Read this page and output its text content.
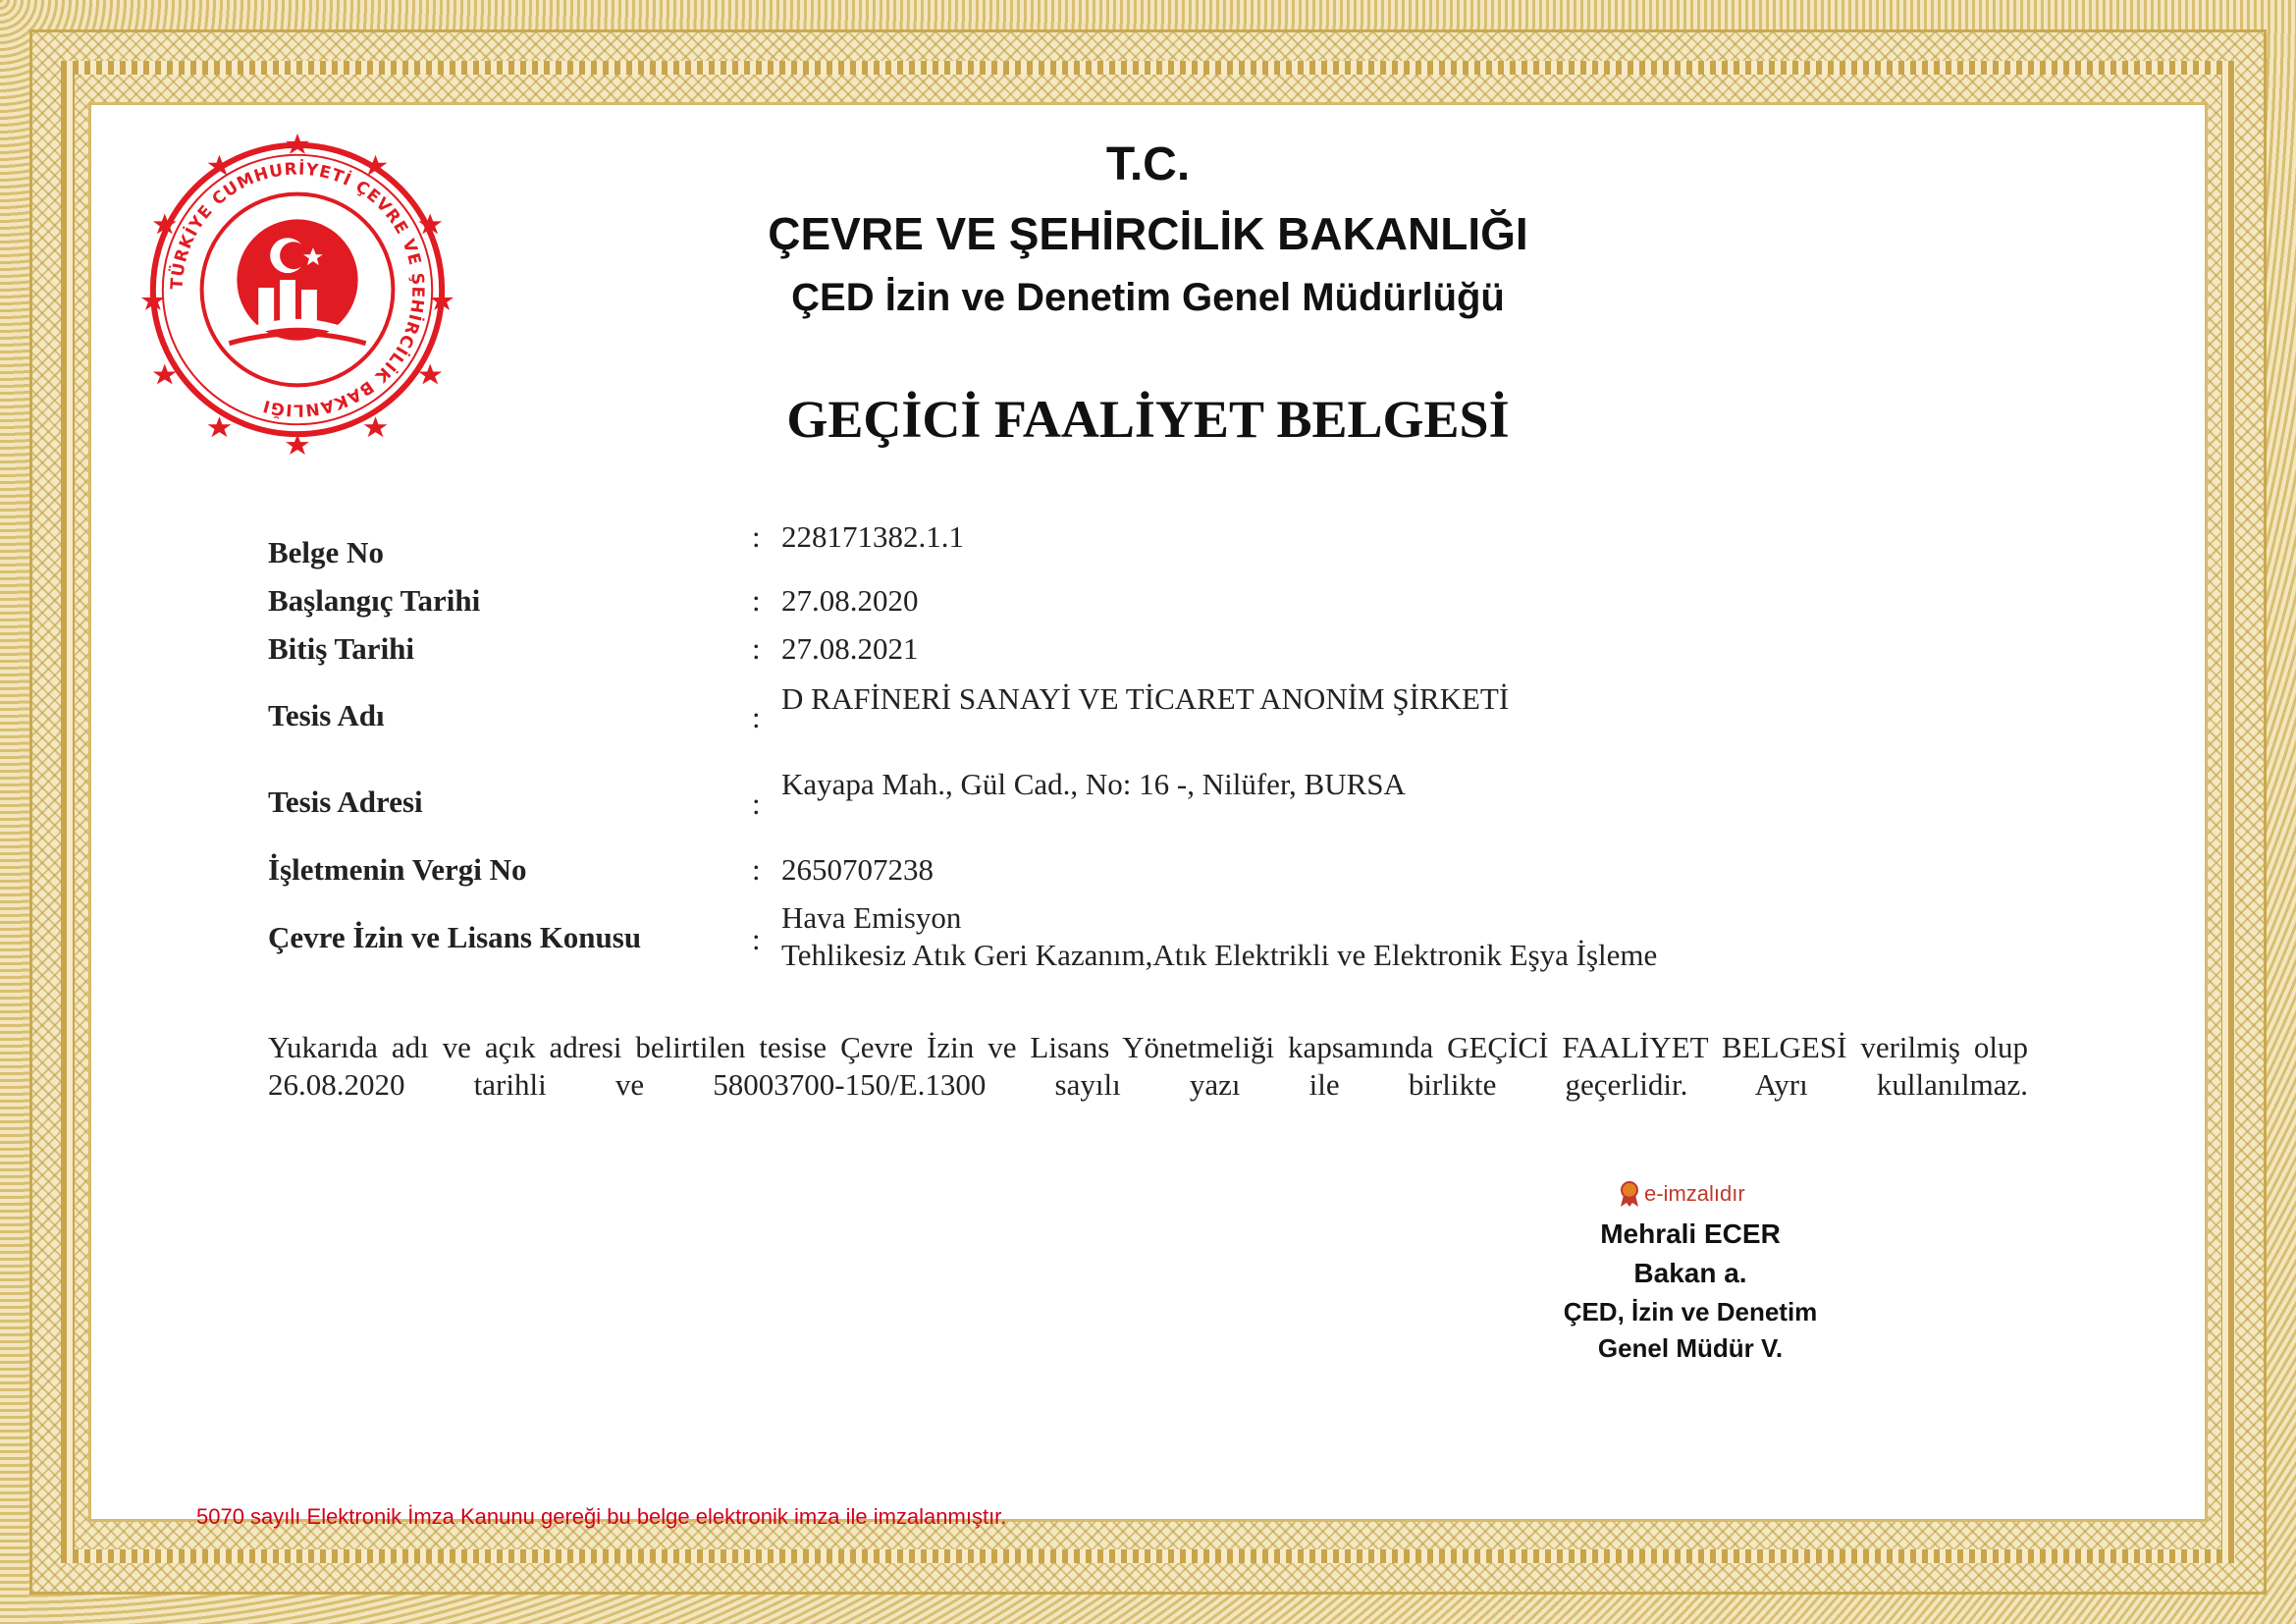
TÜRKİYE CUMHURİYETİ ÇEVRE VE ŞEHİRCİLİK BAKANLIĞI
T.C.
ÇEVRE VE ŞEHİRCİLİK BAKANLIĞI
ÇED İzin ve Denetim Genel Müdürlüğü
GEÇİCİ FAALİYET BELGESİ
Belge No	: 228171382.1.1
Başlangıç Tarihi	: 27.08.2020
Bitiş Tarihi	: 27.08.2021
Tesis Adı	:
D RAFİNERİ SANAYİ VE TİCARET ANONİM ŞİRKETİ
Tesis Adresi	:
Kayapa Mah., Gül Cad., No: 16 -, Nilüfer, BURSA
İşletmenin Vergi No	: 2650707238
Çevre İzin ve Lisans Konusu	:
Hava Emisyon
Tehlikesiz Atık Geri Kazanım,Atık Elektrikli ve Elektronik Eşya İşleme
Yukarıda adı ve açık adresi belirtilen tesise Çevre İzin ve Lisans Yönetmeliği kapsamında GEÇİCİ FAALİYET BELGESİ verilmiş olup 26.08.2020 tarihli ve 58003700-150/E.1300 sayılı yazı ile birlikte geçerlidir. Ayrı kullanılmaz.
e-imzalıdır
Mehrali ECER
Bakan a.
ÇED, İzin ve Denetim
Genel Müdür V.
5070 sayılı Elektronik İmza Kanunu gereği bu belge elektronik imza ile imzalanmıştır.
